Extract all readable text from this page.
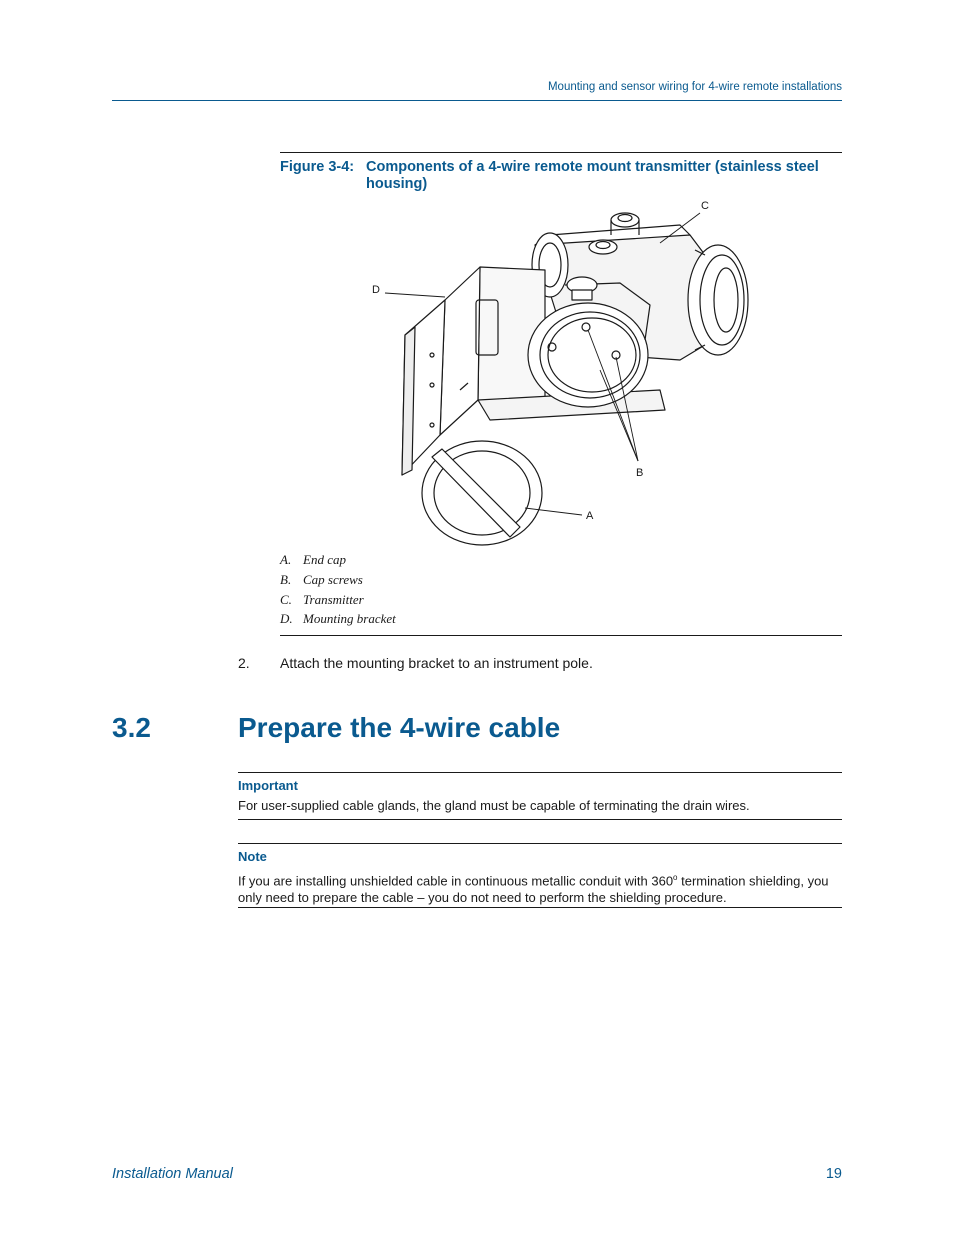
Mounting and sensor wiring for 4-wire remote installations
Figure 3-4: Components of a 4-wire remote mount transmitter (stainless steel housing)
C
D
B
A
A. End cap
B. Cap screws
C. Transmitter
D. Mounting bracket
2. Attach the mounting bracket to an instrument pole.
3.2	Prepare the 4-wire cable
Important
For user-supplied cable glands, the gland must be capable of terminating the drain wires.
Note
If you are installing unshielded cable in continuous metallic conduit with 360$^o$ termination shielding, you only need to prepare the cable – you do not need to perform the shielding procedure.
Installation Manual	19
